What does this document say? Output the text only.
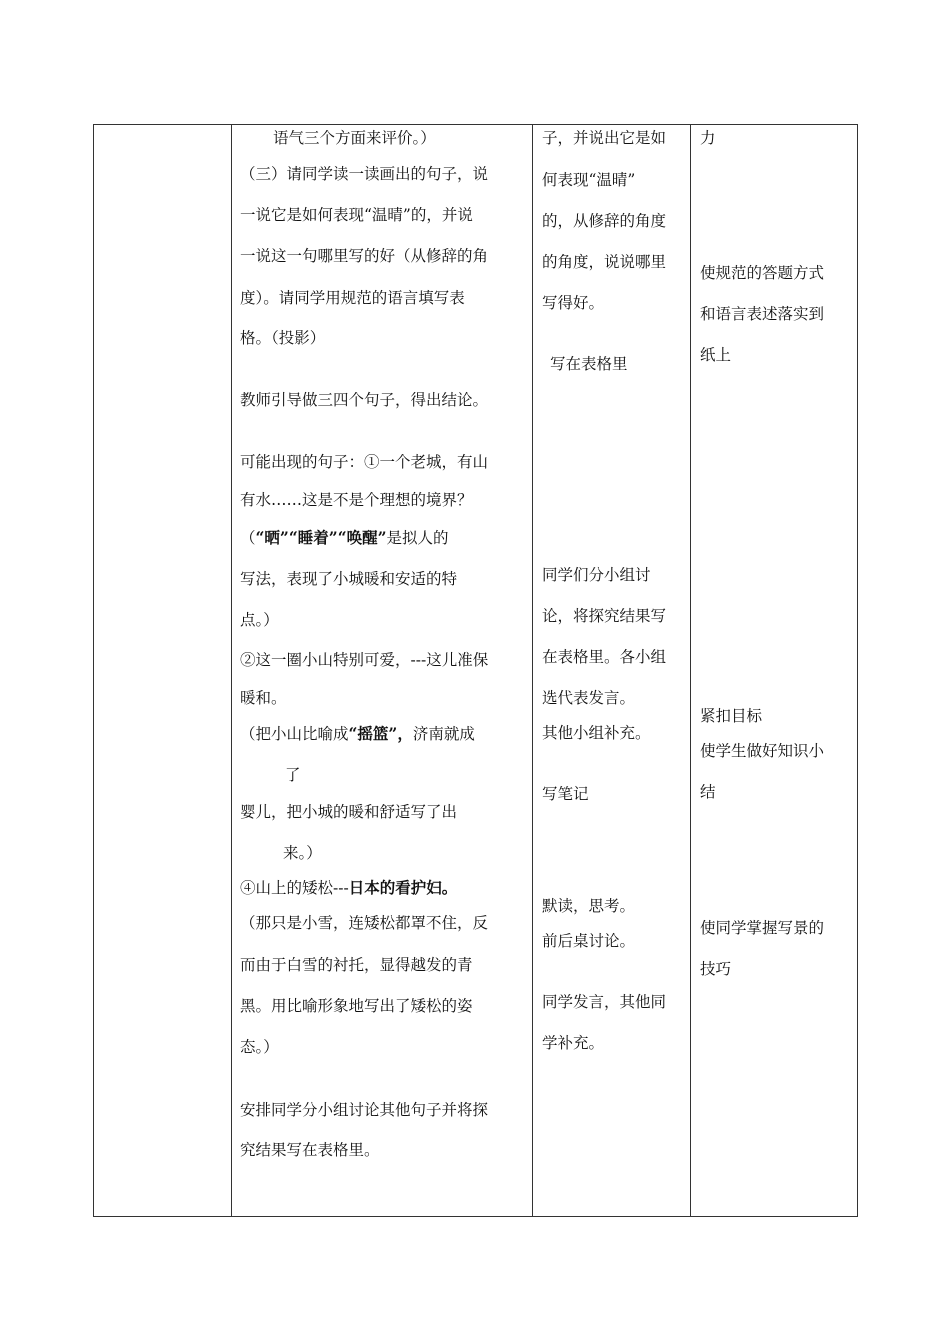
语气三个方面来评价。）
（三）请同学读一读画出的句子，说
一说它是如何表现“温晴”的，并说
一说这一句哪里写的好（从修辞的角
度）。请同学用规范的语言填写表
格。（投影）
教师引导做三四个句子，得出结论。
可能出现的句子：①一个老城，有山
有水……这是不是个理想的境界？
（“晒”“睡着”“唤醒”是拟人的
写法，表现了小城暖和安适的特
点。）
②这一圈小山特别可爱，---这儿准保
暖和。
（把小山比喻成“摇篮”，济南就成
了
婴儿，把小城的暖和舒适写了出
来。）
④山上的矮松---日本的看护妇。
（那只是小雪，连矮松都罩不住，反
而由于白雪的衬托，显得越发的青
黑。用比喻形象地写出了矮松的姿
态。）
安排同学分小组讨论其他句子并将探
究结果写在表格里。
子，并说出它是如
何表现“温晴”
的，从修辞的角度
的角度，说说哪里
写得好。
写在表格里
同学们分小组讨
论，将探究结果写
在表格里。各小组
选代表发言。
其他小组补充。
写笔记
默读，思考。
前后桌讨论。
同学发言，其他同
学补充。
力
使规范的答题方式
和语言表述落实到
纸上
紧扣目标
使学生做好知识小
结
使同学掌握写景的
技巧
